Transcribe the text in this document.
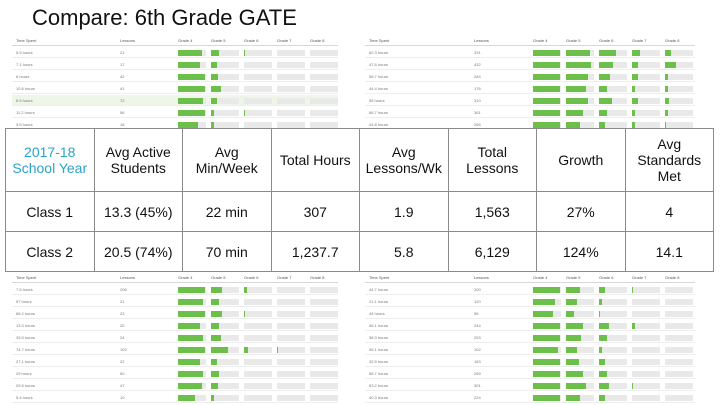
Compare: 6th Grade GATE
Time Spent	Lessons	Grade 4	Grade 5	Grade 6	Grade 7	Grade 8
5.5 hours	21
7.1 hours	17
6 hours	42
10.6 hours	41
8.5 hours	72
11.2 hours	56
3.6 hours	16
Time Spent	Lessons	Grade 4	Grade 5	Grade 6	Grade 7	Grade 8
62.3 hours	331
47.6 hours	432
58.7 hours	284
44.4 hours	176
55 hours	310
66.7 hours	361
44.8 hours	265
Time Spent	Lessons	Grade 4	Grade 5	Grade 6	Grade 7	Grade 8
7.5 hours	206
57 hours	21
66.2 hours	23
13.3 hours	20
33.5 hours	24
74.7 hours	102
27.1 hours	22
29 hours	50
29.5 hours	47
5.4 hours	10
Time Spent	Lessons	Grade 4	Grade 5	Grade 6	Grade 7	Grade 8
44.7 hours	100
21.1 hours	120
44 hours	96
46.1 hours	244
38.3 hours	253
35.1 hours	102
32.5 hours	183
58.7 hours	269
63.2 hours	301
40.3 hours	224
2017-18 School Year	Avg Active Students	Avg Min/Week	Total Hours	Avg Lessons/Wk	Total Lessons	Growth	Avg Standards Met
Class 1	13.3 (45%)	22 min	307	1.9	1,563	27%	4
Class 2	20.5 (74%)	70 min	1,237.7	5.8	6,129	124%	14.1
